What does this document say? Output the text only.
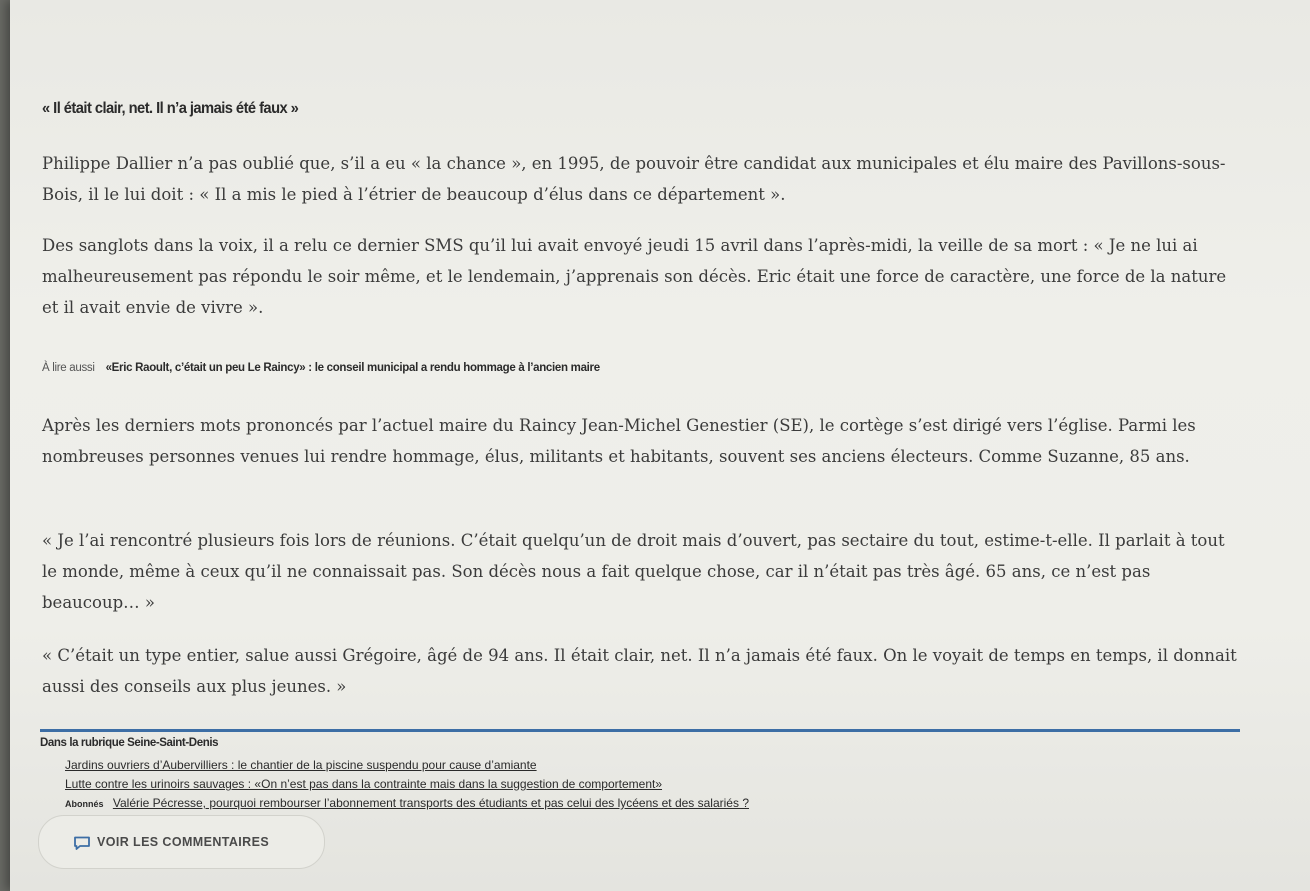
« Il était clair, net. Il n’a jamais été faux »

Philippe Dallier n’a pas oublié que, s’il a eu « la chance », en 1995, de pouvoir être candidat aux municipales et élu maire des Pavillons-sous-Bois, il le lui doit : « Il a mis le pied à l’étrier de beaucoup d’élus dans ce département ».

Des sanglots dans la voix, il a relu ce dernier SMS qu’il lui avait envoyé jeudi 15 avril dans l’après-midi, la veille de sa mort : « Je ne lui ai malheureusement pas répondu le soir même, et le lendemain, j’apprenais son décès. Eric était une force de caractère, une force de la nature et il avait envie de vivre ».

À lire aussi «Eric Raoult, c’était un peu Le Raincy» : le conseil municipal a rendu hommage à l’ancien maire

Après les derniers mots prononcés par l’actuel maire du Raincy Jean-Michel Genestier (SE), le cortège s’est dirigé vers l’église. Parmi les nombreuses personnes venues lui rendre hommage, élus, militants et habitants, souvent ses anciens électeurs. Comme Suzanne, 85 ans.

« Je l’ai rencontré plusieurs fois lors de réunions. C’était quelqu’un de droit mais d’ouvert, pas sectaire du tout, estime-t-elle. Il parlait à tout le monde, même à ceux qu’il ne connaissait pas. Son décès nous a fait quelque chose, car il n’était pas très âgé. 65 ans, ce n’est pas beaucoup… »

« C’était un type entier, salue aussi Grégoire, âgé de 94 ans. Il était clair, net. Il n’a jamais été faux. On le voyait de temps en temps, il donnait aussi des conseils aux plus jeunes. »

Dans la rubrique Seine-Saint-Denis
Jardins ouvriers d’Aubervilliers : le chantier de la piscine suspendu pour cause d’amiante
Lutte contre les urinoirs sauvages : «On n’est pas dans la contrainte mais dans la suggestion de comportement»
Abonnés Valérie Pécresse, pourquoi rembourser l’abonnement transports des étudiants et pas celui des lycéens et des salariés ?
VOIR LES COMMENTAIRES
